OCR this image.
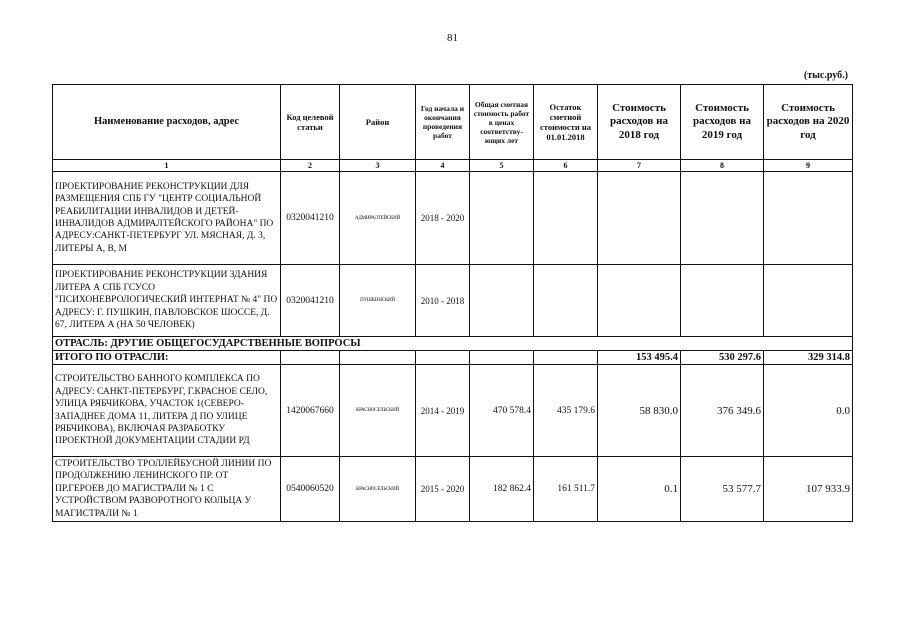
81
(тыс.руб.)
Наименование расходов, адрес	Код целевой статьи	Район	Год начала и окончания проведения работ	Общая сметная стоимость работ в ценах соответству-ющих лет	Остаток сметной стоимости на 01.01.2018	Стоимость расходов на 2018 год	Стоимость расходов на 2019 год	Стоимость расходов на 2020 год
1	2	3	4	5	6	7	8	9
ПРОЕКТИРОВАНИЕ РЕКОНСТРУКЦИИ ДЛЯ РАЗМЕЩЕНИЯ СПБ ГУ "ЦЕНТР СОЦИАЛЬНОЙ РЕАБИЛИТАЦИИ ИНВАЛИДОВ И ДЕТЕЙ-ИНВАЛИДОВ АДМИРАЛТЕЙСКОГО РАЙОНА" ПО АДРЕСУ:САНКТ-ПЕТЕРБУРГ УЛ. МЯСНАЯ, Д. 3, ЛИТЕРЫ А, В, М	0320041210	АДМИРАЛТЕЙСКИЙ	2018 - 2020					
ПРОЕКТИРОВАНИЕ РЕКОНСТРУКЦИИ ЗДАНИЯ ЛИТЕРА А СПБ ГСУСО "ПСИХОНЕВРОЛОГИЧЕСКИЙ ИНТЕРНАТ № 4" ПО АДРЕСУ: Г. ПУШКИН, ПАВЛОВСКОЕ ШОССЕ, Д. 67, ЛИТЕРА А (НА 50 ЧЕЛОВЕК)	0320041210	ПУШКИНСКИЙ	2010 - 2018					
ОТРАСЛЬ: ДРУГИЕ ОБЩЕГОСУДАРСТВЕННЫЕ ВОПРОСЫ								
ИТОГО ПО ОТРАСЛИ:						153 495.4	530 297.6	329 314.8
СТРОИТЕЛЬСТВО БАННОГО КОМПЛЕКСА ПО АДРЕСУ: САНКТ-ПЕТЕРБУРГ, Г.КРАСНОЕ СЕЛО, УЛИЦА РЯБЧИКОВА, УЧАСТОК 1(СЕВЕРО-ЗАПАДНЕЕ ДОМА 11, ЛИТЕРА Д ПО УЛИЦЕ РЯБЧИКОВА), ВКЛЮЧАЯ РАЗРАБОТКУ ПРОЕКТНОЙ ДОКУМЕНТАЦИИ СТАДИИ РД	1420067660	КРАСНОСЕЛЬСКИЙ	2014 - 2019	470 578.4	435 179.6	58 830.0	376 349.6	0.0
СТРОИТЕЛЬСТВО ТРОЛЛЕЙБУСНОЙ ЛИНИИ ПО ПРОДОЛЖЕНИЮ ЛЕНИНСКОГО ПР. ОТ ПР.ГЕРОЕВ ДО МАГИСТРАЛИ № 1 С УСТРОЙСТВОМ РАЗВОРОТНОГО КОЛЬЦА У МАГИСТРАЛИ № 1	0540060520	КРАСНОСЕЛЬСКИЙ	2015 - 2020	182 862.4	161 511.7	0.1	53 577.7	107 933.9
